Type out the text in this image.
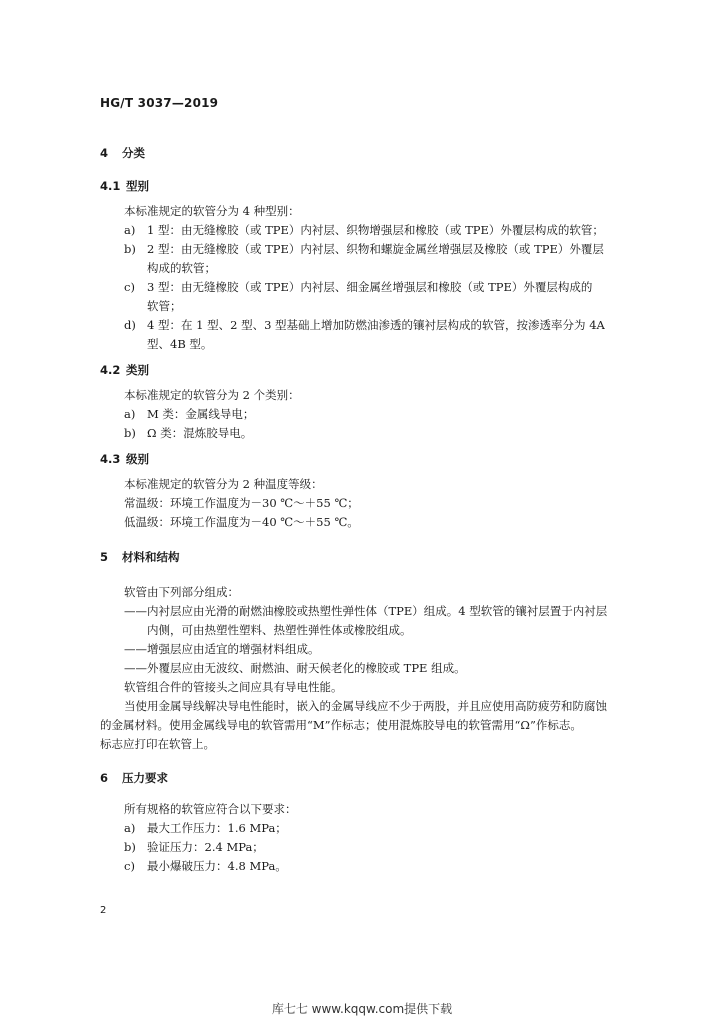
HG/T 3037—2019
4 分类
4.1 型别
本标准规定的软管分为 4 种型别：
a) 1 型：由无缝橡胶（或 TPE）内衬层、织物增强层和橡胶（或 TPE）外覆层构成的软管；
b) 2 型：由无缝橡胶（或 TPE）内衬层、织物和螺旋金属丝增强层及橡胶（或 TPE）外覆层
构成的软管；
c) 3 型：由无缝橡胶（或 TPE）内衬层、细金属丝增强层和橡胶（或 TPE）外覆层构成的
软管；
d) 4 型：在 1 型、2 型、3 型基础上增加防燃油渗透的镶衬层构成的软管，按渗透率分为 4A
型、4B 型。
4.2 类别
本标准规定的软管分为 2 个类别：
a) M 类：金属线导电；
b) Ω 类：混炼胶导电。
4.3 级别
本标准规定的软管分为 2 种温度等级：
常温级：环境工作温度为－30 ℃～＋55 ℃；
低温级：环境工作温度为－40 ℃～＋55 ℃。
5 材料和结构
软管由下列部分组成：
——内衬层应由光滑的耐燃油橡胶或热塑性弹性体（TPE）组成。4 型软管的镶衬层置于内衬层
内侧，可由热塑性塑料、热塑性弹性体或橡胶组成。
——增强层应由适宜的增强材料组成。
——外覆层应由无波纹、耐燃油、耐天候老化的橡胶或 TPE 组成。
软管组合件的管接头之间应具有导电性能。
当使用金属导线解决导电性能时，嵌入的金属导线应不少于两股，并且应使用高防疲劳和防腐蚀
的金属材料。使用金属线导电的软管需用“M”作标志；使用混炼胶导电的软管需用“Ω”作标志。
标志应打印在软管上。
6 压力要求
所有规格的软管应符合以下要求：
a) 最大工作压力：1.6 MPa；
b) 验证压力：2.4 MPa；
c) 最小爆破压力：4.8 MPa。
2
库七七 www.kqqw.com提供下载
